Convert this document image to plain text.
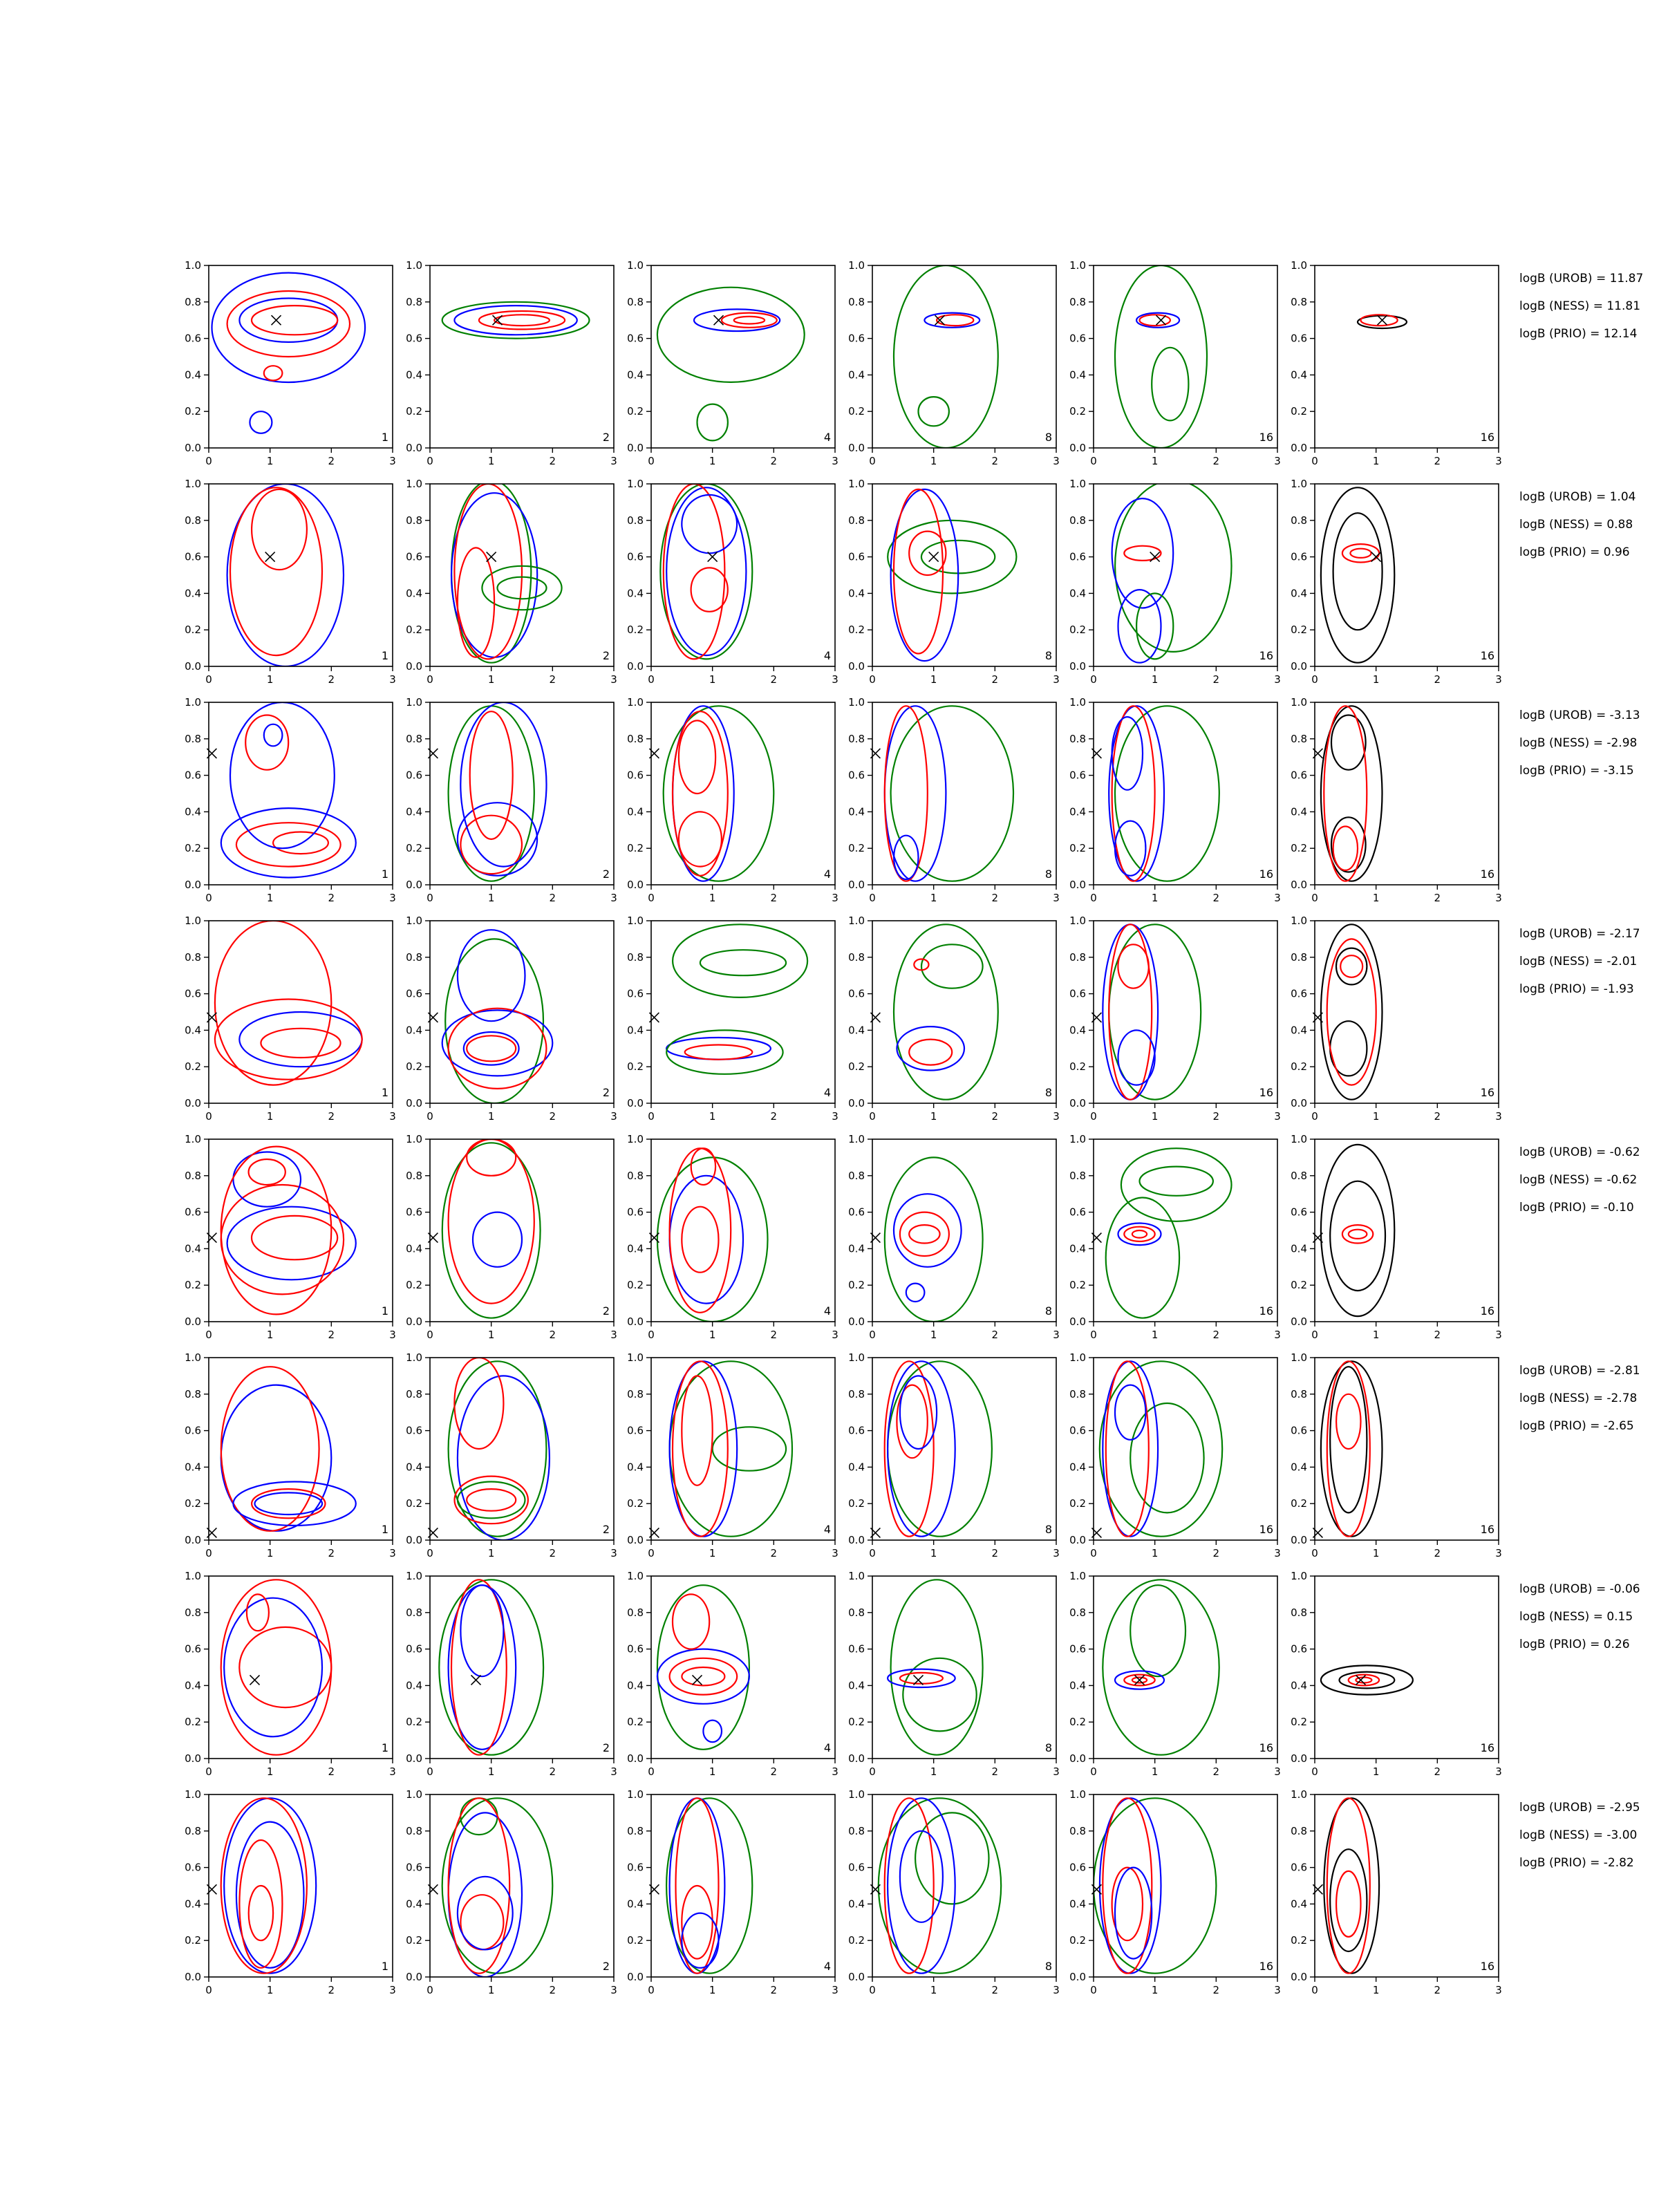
0	1	2	3
0.0
0.2
0.4
0.6
0.8
1.0
1
0	1	2	3
0.0
0.2
0.4
0.6
0.8
1.0
2
0	1	2	3
0.0
0.2
0.4
0.6
0.8
1.0
4
0	1	2	3
0.0
0.2
0.4
0.6
0.8
1.0
8
0	1	2	3
0.0
0.2
0.4
0.6
0.8
1.0
16
0	1	2	3
0.0
0.2
0.4
0.6
0.8
1.0
16
logB (UROB) = 11.87
logB (NESS) = 11.81
logB (PRIO) = 12.14
0	1	2	3
0.0
0.2
0.4
0.6
0.8
1.0
1
0	1	2	3
0.0
0.2
0.4
0.6
0.8
1.0
2
0	1	2	3
0.0
0.2
0.4
0.6
0.8
1.0
4
0	1	2	3
0.0
0.2
0.4
0.6
0.8
1.0
8
0	1	2	3
0.0
0.2
0.4
0.6
0.8
1.0
16
0	1	2	3
0.0
0.2
0.4
0.6
0.8
1.0
16
logB (UROB) = 1.04
logB (NESS) = 0.88
logB (PRIO) = 0.96
0	1	2	3
0.0
0.2
0.4
0.6
0.8
1.0
1
0	1	2	3
0.0
0.2
0.4
0.6
0.8
1.0
2
0	1	2	3
0.0
0.2
0.4
0.6
0.8
1.0
4
0	1	2	3
0.0
0.2
0.4
0.6
0.8
1.0
8
0	1	2	3
0.0
0.2
0.4
0.6
0.8
1.0
16
0	1	2	3
0.0
0.2
0.4
0.6
0.8
1.0
16
logB (UROB) = -3.13
logB (NESS) = -2.98
logB (PRIO) = -3.15
0	1	2	3
0.0
0.2
0.4
0.6
0.8
1.0
1
0	1	2	3
0.0
0.2
0.4
0.6
0.8
1.0
2
0	1	2	3
0.0
0.2
0.4
0.6
0.8
1.0
4
0	1	2	3
0.0
0.2
0.4
0.6
0.8
1.0
8
0	1	2	3
0.0
0.2
0.4
0.6
0.8
1.0
16
0	1	2	3
0.0
0.2
0.4
0.6
0.8
1.0
16
logB (UROB) = -2.17
logB (NESS) = -2.01
logB (PRIO) = -1.93
0	1	2	3
0.0
0.2
0.4
0.6
0.8
1.0
1
0	1	2	3
0.0
0.2
0.4
0.6
0.8
1.0
2
0	1	2	3
0.0
0.2
0.4
0.6
0.8
1.0
4
0	1	2	3
0.0
0.2
0.4
0.6
0.8
1.0
8
0	1	2	3
0.0
0.2
0.4
0.6
0.8
1.0
16
0	1	2	3
0.0
0.2
0.4
0.6
0.8
1.0
16
logB (UROB) = -0.62
logB (NESS) = -0.62
logB (PRIO) = -0.10
0	1	2	3
0.0
0.2
0.4
0.6
0.8
1.0
1
0	1	2	3
0.0
0.2
0.4
0.6
0.8
1.0
2
0	1	2	3
0.0
0.2
0.4
0.6
0.8
1.0
4
0	1	2	3
0.0
0.2
0.4
0.6
0.8
1.0
8
0	1	2	3
0.0
0.2
0.4
0.6
0.8
1.0
16
0	1	2	3
0.0
0.2
0.4
0.6
0.8
1.0
16
logB (UROB) = -2.81
logB (NESS) = -2.78
logB (PRIO) = -2.65
0	1	2	3
0.0
0.2
0.4
0.6
0.8
1.0
1
0	1	2	3
0.0
0.2
0.4
0.6
0.8
1.0
2
0	1	2	3
0.0
0.2
0.4
0.6
0.8
1.0
4
0	1	2	3
0.0
0.2
0.4
0.6
0.8
1.0
8
0	1	2	3
0.0
0.2
0.4
0.6
0.8
1.0
16
0	1	2	3
0.0
0.2
0.4
0.6
0.8
1.0
16
logB (UROB) = -0.06
logB (NESS) = 0.15
logB (PRIO) = 0.26
0	1	2	3
0.0
0.2
0.4
0.6
0.8
1.0
1
0	1	2	3
0.0
0.2
0.4
0.6
0.8
1.0
2
0	1	2	3
0.0
0.2
0.4
0.6
0.8
1.0
4
0	1	2	3
0.0
0.2
0.4
0.6
0.8
1.0
8
0	1	2	3
0.0
0.2
0.4
0.6
0.8
1.0
16
0	1	2	3
0.0
0.2
0.4
0.6
0.8
1.0
16
logB (UROB) = -2.95
logB (NESS) = -3.00
logB (PRIO) = -2.82
